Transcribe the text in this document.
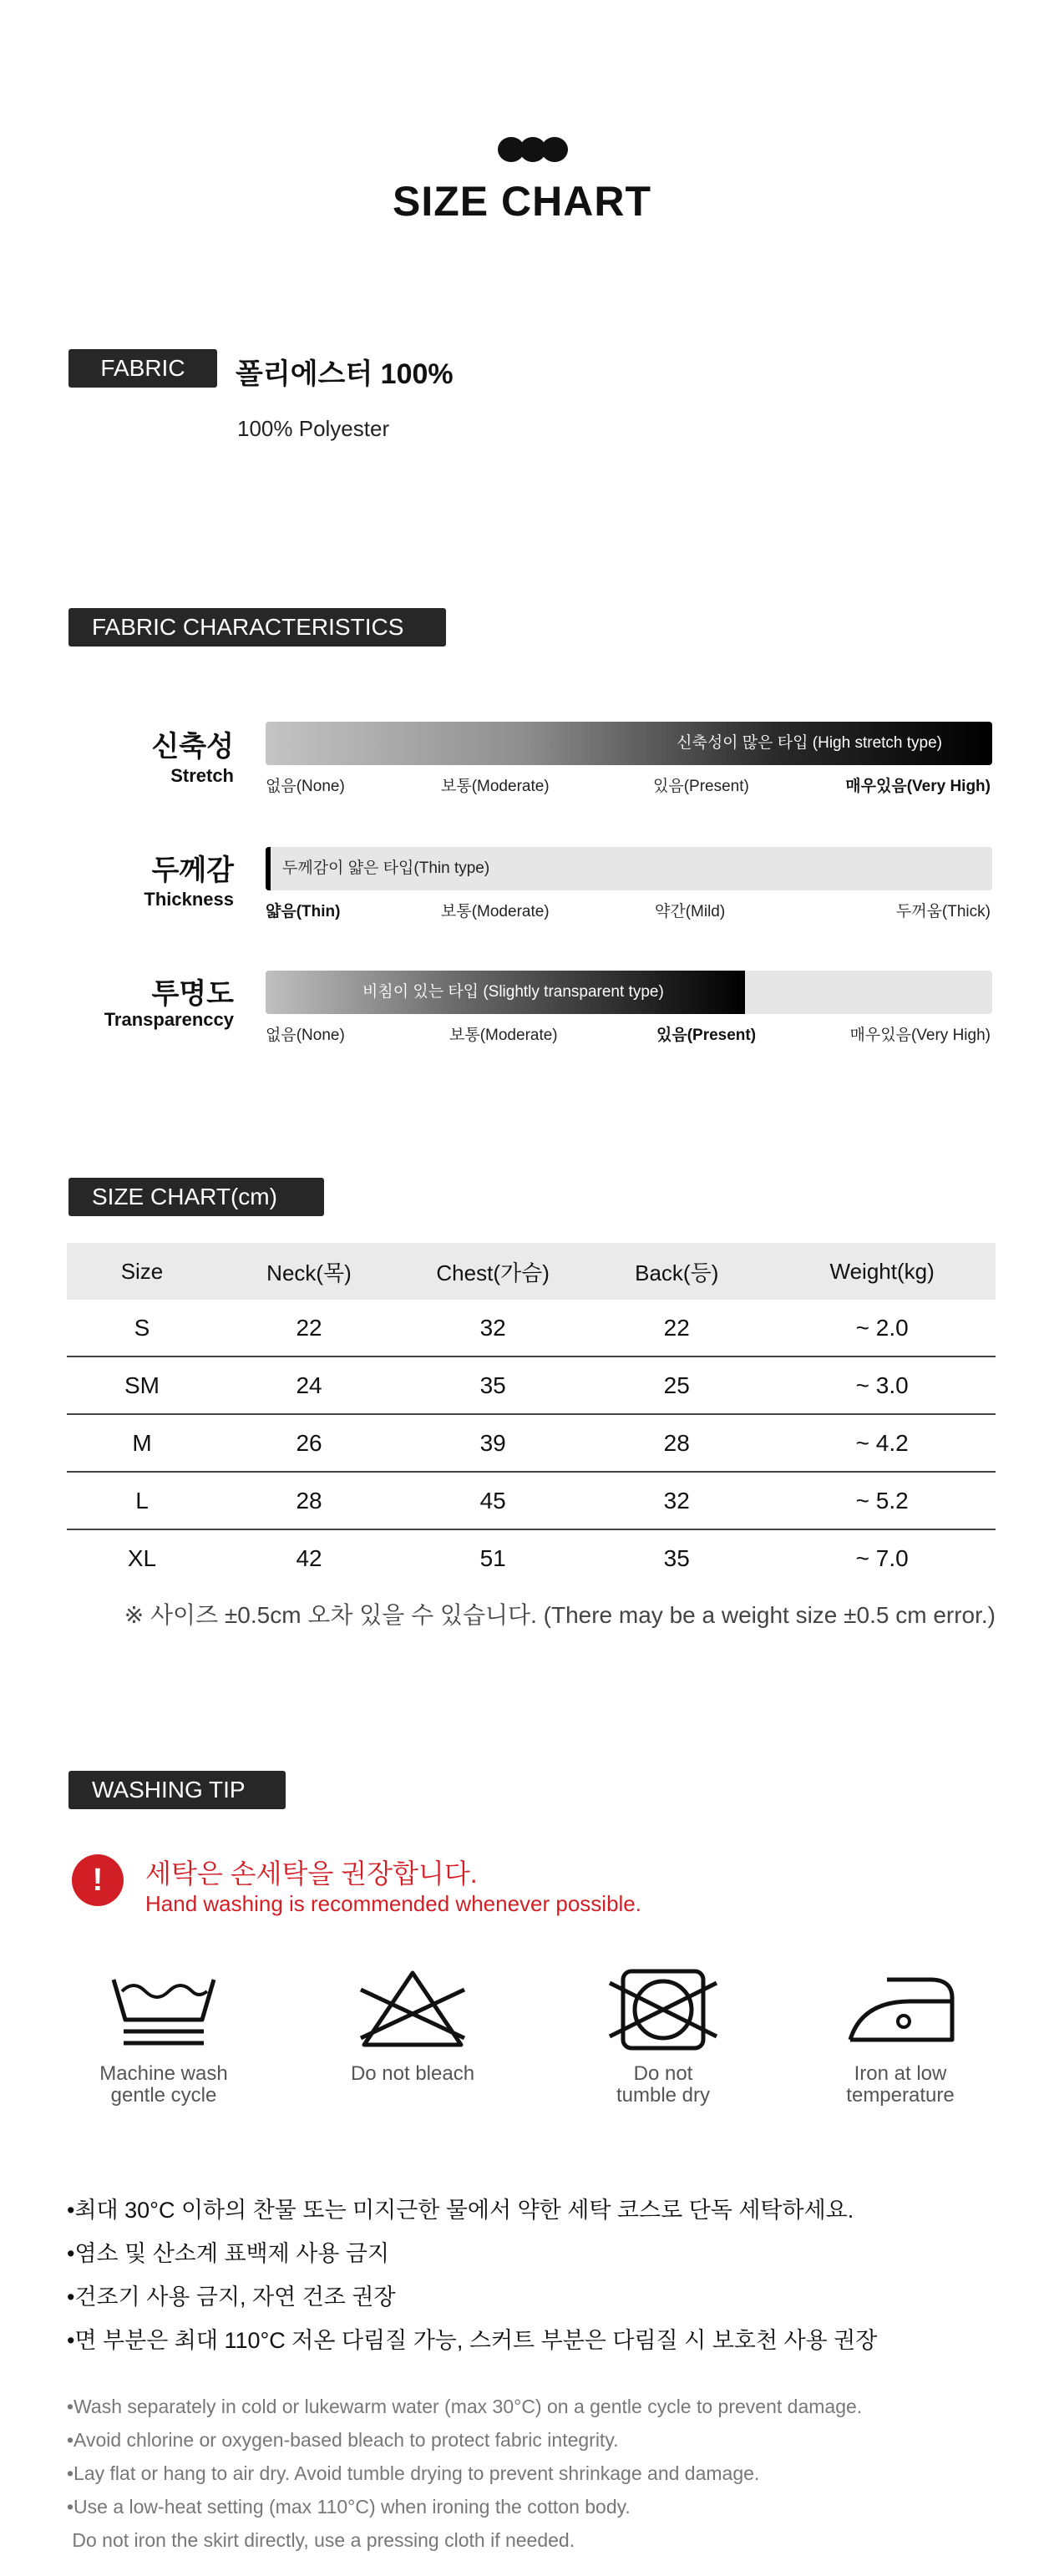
SIZE CHART
FABRIC	폴리에스터 100%
100% Polyester
FABRIC CHARACTERISTICS
신축성
Stretch
신축성이 많은 타입 (High stretch type)
없음(None)	보통(Moderate)	있음(Present)	매우있음(Very High)
두께감
Thickness
두께감이 얇은 타입(Thin type)
얇음(Thin)	보통(Moderate)	약간(Mild)	두꺼움(Thick)
투명도
Transparenccy
비침이 있는 타입 (Slightly transparent type)
없음(None)	보통(Moderate)	있음(Present)	매우있음(Very High)
SIZE CHART(cm)
Size	Neck(목)	Chest(가슴)	Back(등)	Weight(kg)
S	22	32	22	~ 2.0
SM	24	35	25	~ 3.0
M	26	39	28	~ 4.2
L	28	45	32	~ 5.2
XL	42	51	35	~ 7.0
※ 사이즈 ±0.5cm 오차 있을 수 있습니다. (There may be a weight size ±0.5 cm error.)
WASHING TIP
!	세탁은 손세탁을 권장합니다.
Hand washing is recommended whenever possible.
Machine wash
gentle cycle
Do not bleach	Do not
tumble dry
Iron at low
temperature
•최대 30°C 이하의 찬물 또는 미지근한 물에서 약한 세탁 코스로 단독 세탁하세요.
•염소 및 산소계 표백제 사용 금지
•건조기 사용 금지, 자연 건조 권장
•면 부분은 최대 110°C 저온 다림질 가능, 스커트 부분은 다림질 시 보호천 사용 권장
•Wash separately in cold or lukewarm water (max 30°C) on a gentle cycle to prevent damage.
•Avoid chlorine or oxygen-based bleach to protect fabric integrity.
•Lay flat or hang to air dry. Avoid tumble drying to prevent shrinkage and damage.
•Use a low-heat setting (max 110°C) when ironing the cotton body.
Do not iron the skirt directly, use a pressing cloth if needed.
